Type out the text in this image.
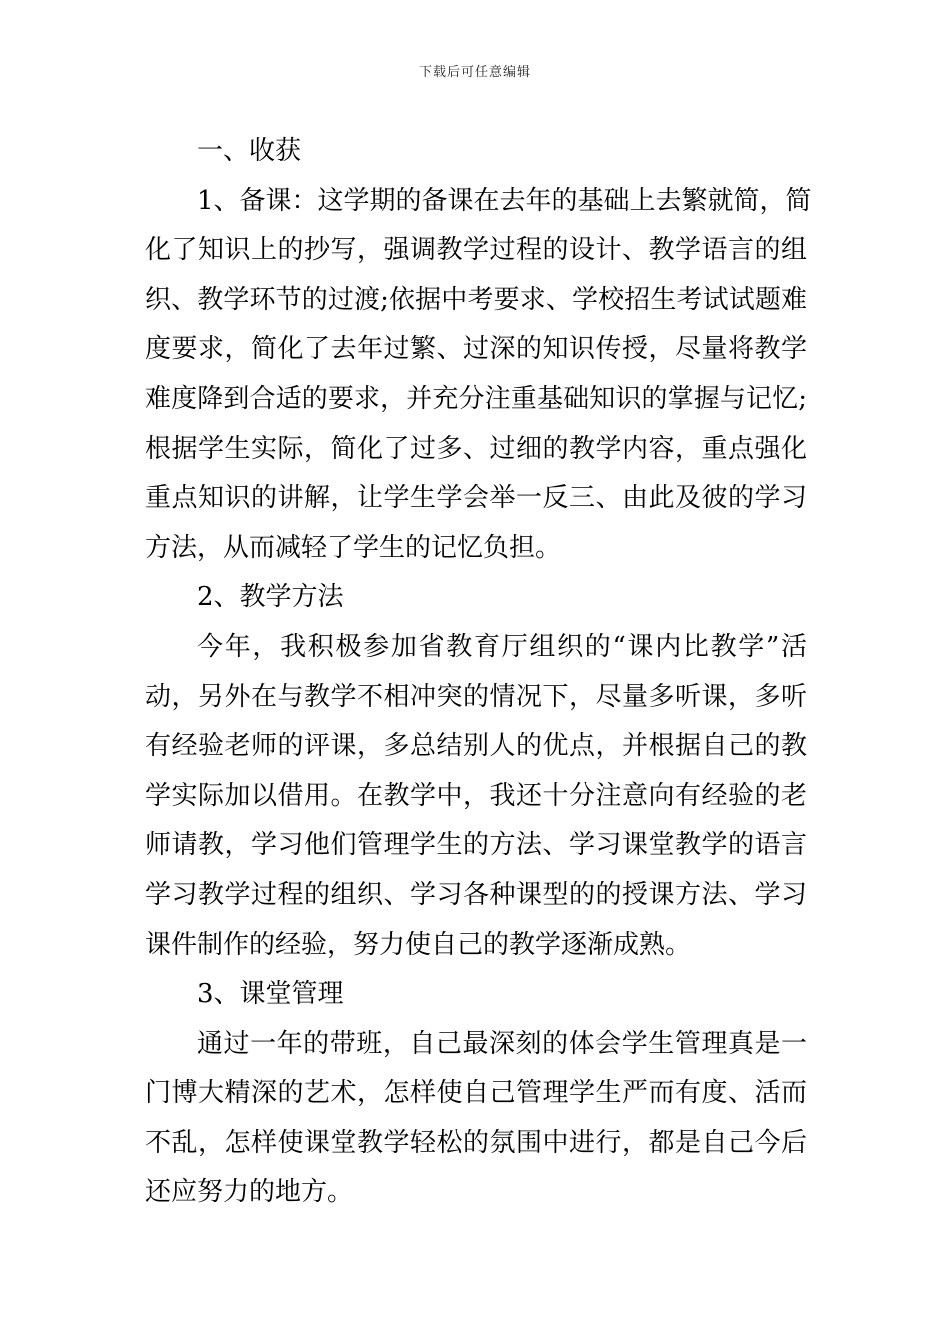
下载后可任意编辑
一、收获
1、备课：这学期的备课在去年的基础上去繁就简，简
化了知识上的抄写，强调教学过程的设计、教学语言的组
织、教学环节的过渡;依据中考要求、学校招生考试试题难
度要求，简化了去年过繁、过深的知识传授，尽量将教学
难度降到合适的要求，并充分注重基础知识的掌握与记忆;
根据学生实际，简化了过多、过细的教学内容，重点强化
重点知识的讲解，让学生学会举一反三、由此及彼的学习
方法，从而减轻了学生的记忆负担。
2、教学方法
今年，我积极参加省教育厅组织的“课内比教学”活
动，另外在与教学不相冲突的情况下，尽量多听课，多听
有经验老师的评课，多总结别人的优点，并根据自己的教
学实际加以借用。在教学中，我还十分注意向有经验的老
师请教，学习他们管理学生的方法、学习课堂教学的语言
学习教学过程的组织、学习各种课型的的授课方法、学习
课件制作的经验，努力使自己的教学逐渐成熟。
3、课堂管理
通过一年的带班，自己最深刻的体会学生管理真是一
门博大精深的艺术，怎样使自己管理学生严而有度、活而
不乱，怎样使课堂教学轻松的氛围中进行，都是自己今后
还应努力的地方。
